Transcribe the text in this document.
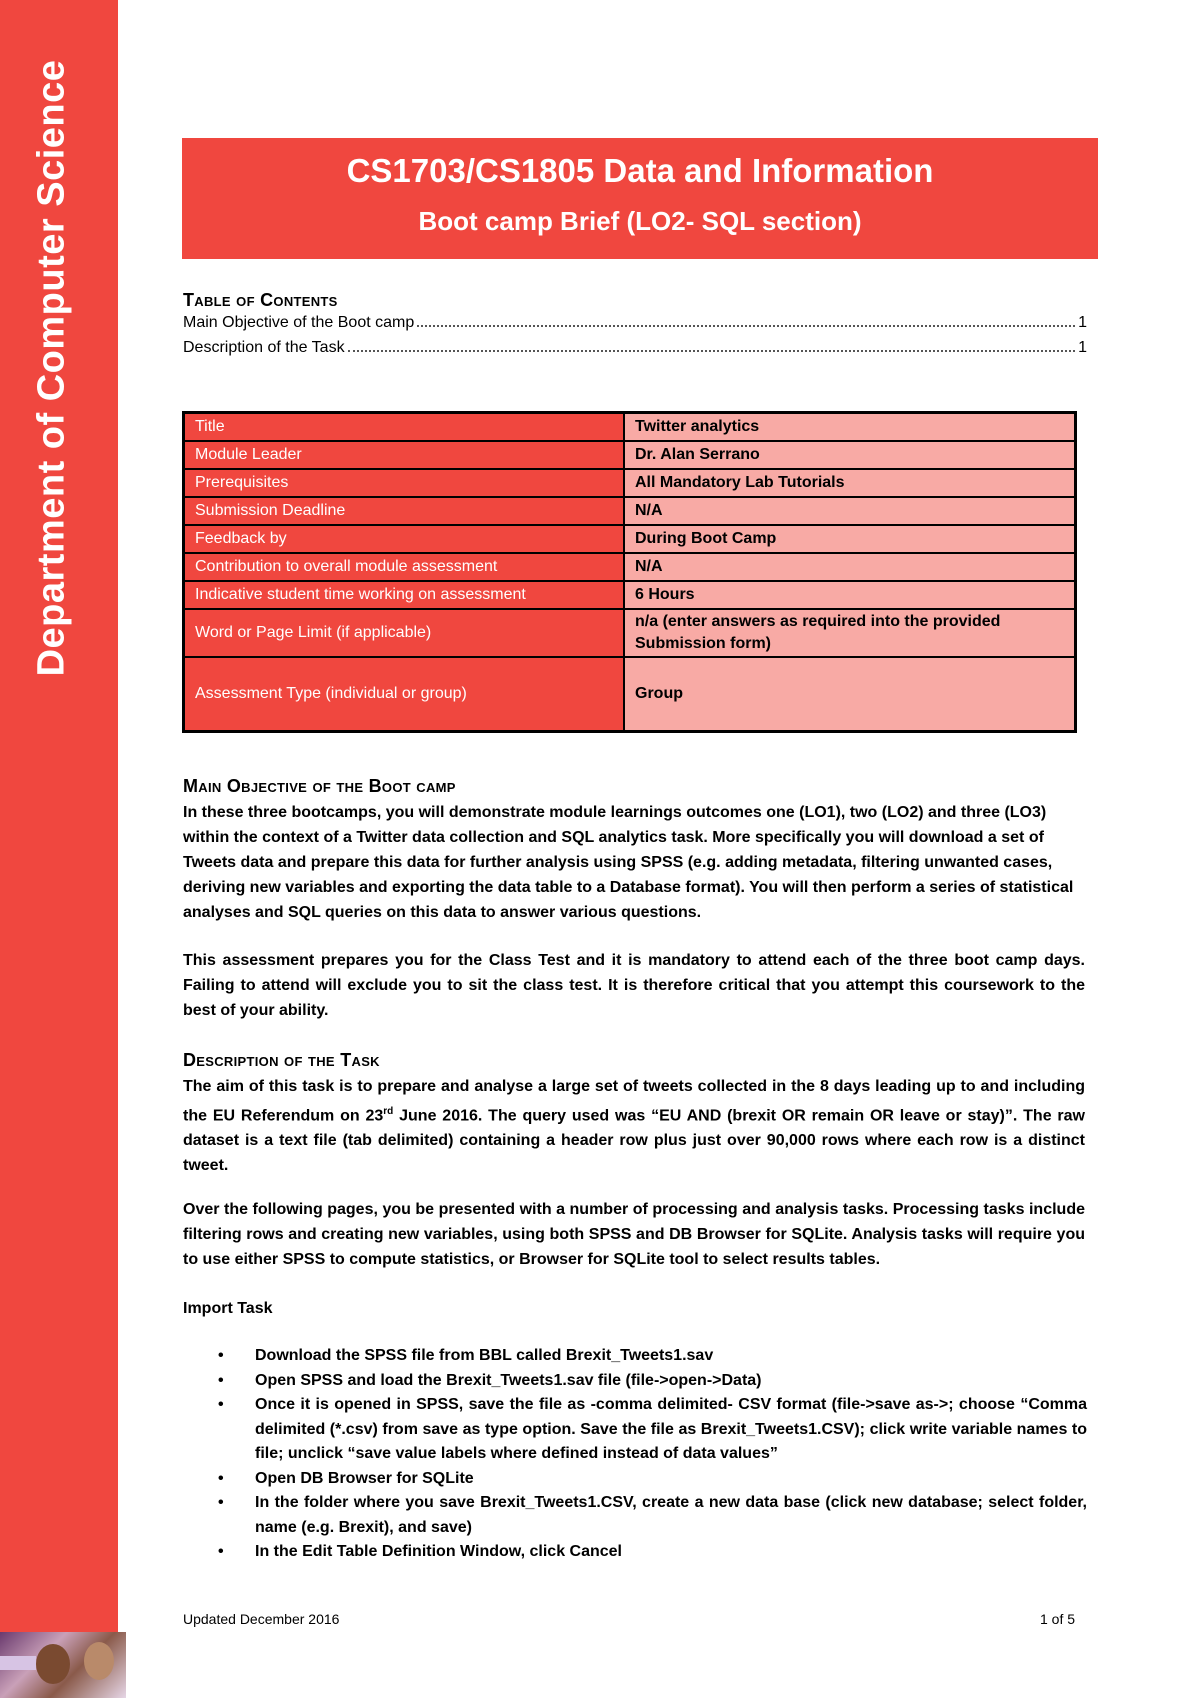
Department of Computer Science	CS1703/CS1805 Data and Information
Boot camp Brief (LO2- SQL section)
Table of Contents
Main Objective of the Boot camp	1
Description of the Task	1
Title	Twitter analytics
Module Leader	Dr. Alan Serrano
Prerequisites	All Mandatory Lab Tutorials
Submission Deadline	N/A
Feedback by	During Boot Camp
Contribution to overall module assessment	N/A
Indicative student time working on assessment	6 Hours
Word or Page Limit (if applicable)	n/a (enter answers as required into the provided Submission form)
Assessment Type (individual or group)	Group
Main Objective of the Boot camp
In these three bootcamps, you will demonstrate module learnings outcomes one (LO1), two (LO2) and three (LO3) within the context of a Twitter data collection and SQL analytics task. More specifically you will download a set of Tweets data and prepare this data for further analysis using SPSS (e.g. adding metadata, filtering unwanted cases, deriving new variables and exporting the data table to a Database format). You will then perform a series of statistical analyses and SQL queries on this data to answer various questions.
This assessment prepares you for the Class Test and it is mandatory to attend each of the three boot camp days. Failing to attend will exclude you to sit the class test. It is therefore critical that you attempt this coursework to the best of your ability.
Description of the Task
The aim of this task is to prepare and analyse a large set of tweets collected in the 8 days leading up to and including the EU Referendum on 23rd June 2016. The query used was “EU AND (brexit OR remain OR leave or stay)”. The raw dataset is a text file (tab delimited) containing a header row plus just over 90,000 rows where each row is a distinct tweet.
Over the following pages, you be presented with a number of processing and analysis tasks. Processing tasks include filtering rows and creating new variables, using both SPSS and DB Browser for SQLite. Analysis tasks will require you to use either SPSS to compute statistics, or Browser for SQLite tool to select results tables.
Import Task
• Download the SPSS file from BBL called Brexit_Tweets1.sav
• Open SPSS and load the Brexit_Tweets1.sav file (file->open->Data)
• Once it is opened in SPSS, save the file as -comma delimited- CSV format (file->save as->; choose “Comma delimited (*.csv) from save as type option. Save the file as Brexit_Tweets1.CSV); click write variable names to file; unclick “save value labels where defined instead of data values”
• Open DB Browser for SQLite
• In the folder where you save Brexit_Tweets1.CSV, create a new data base (click new database; select folder, name (e.g. Brexit), and save)
• In the Edit Table Definition Window, click Cancel
Updated December 2016	1 of 5
